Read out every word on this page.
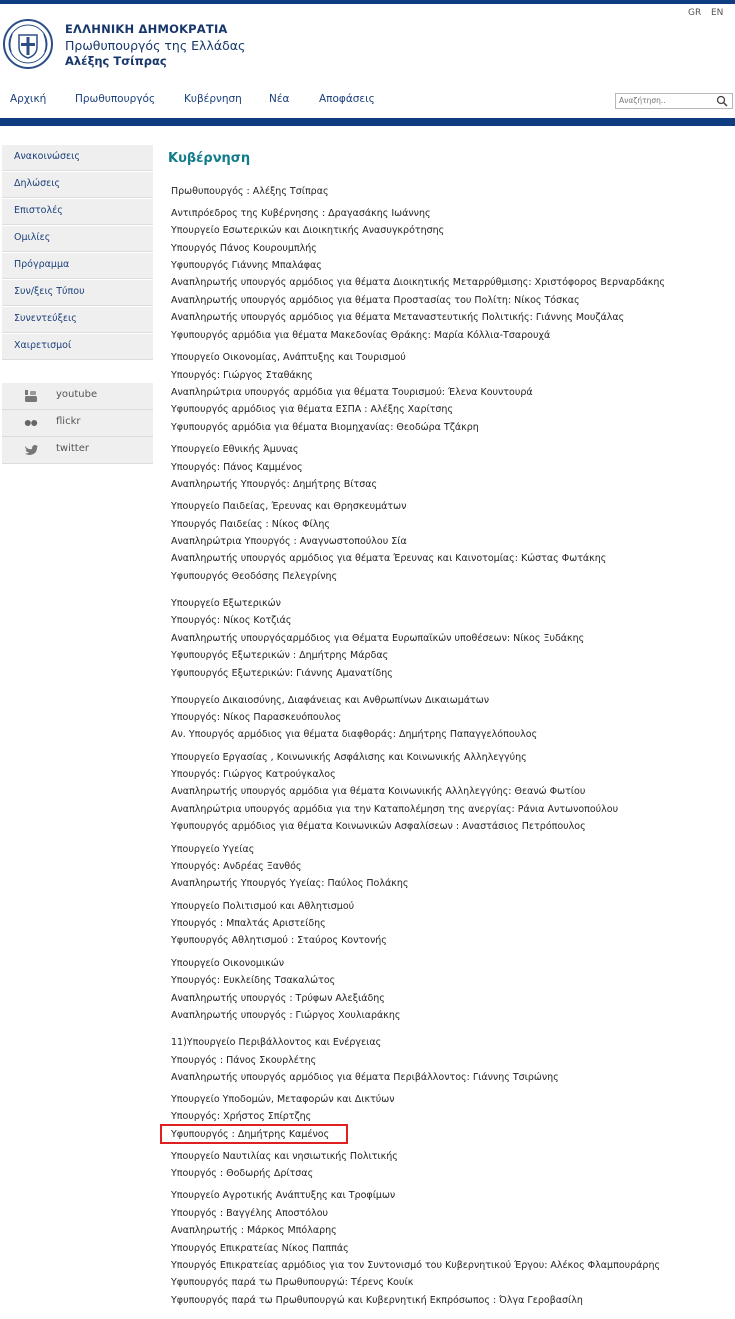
ΕΛΛΗΝΙΚΗ ΔΗΜΟΚΡΑΤΙΑ
Πρωθυπουργός της Ελλάδας
Αλέξης Τσίπρας
GR EN
Αρχική	Πρωθυπουργός	Κυβέρνηση	Νέα	Αποφάσεις
Αναζήτηση..
Ανακοινώσεις
Δηλώσεις
Επιστολές
Ομιλίες
Πρόγραμμα
Συν/ξεις Τύπου
Συνεντεύξεις
Χαιρετισμοί
youtube
flickr
twitter
Κυβέρνηση
Πρωθυπουργός : Αλέξης Τσίπρας
Αντιπρόεδρος της Κυβέρνησης : Δραγασάκης Ιωάννης
Υπουργείο Εσωτερικών και Διοικητικής Ανασυγκρότησης
Υπουργός Πάνος Κουρουμπλής
Υφυπουργός Γιάννης Μπαλάφας
Αναπληρωτής υπουργός αρμόδιος για θέματα Διοικητικής Μεταρρύθμισης: Χριστόφορος Βερναρδάκης
Αναπληρωτής υπουργός αρμόδιος για θέματα Προστασίας του Πολίτη: Νίκος Τόσκας
Αναπληρωτής υπουργός αρμόδιος για θέματα Μεταναστευτικής Πολιτικής: Γιάννης Μουζάλας
Υφυπουργός αρμόδια για θέματα Μακεδονίας Θράκης: Μαρία Κόλλια-Τσαρουχά
Υπουργείο Οικονομίας, Ανάπτυξης και Τουρισμού
Υπουργός: Γιώργος Σταθάκης
Αναπληρώτρια υπουργός αρμόδια για θέματα Τουρισμού: Έλενα Κουντουρά
Υφυπουργός αρμόδιος για θέματα ΕΣΠΑ : Αλέξης Χαρίτσης
Υφυπουργός αρμόδια για θέματα Βιομηχανίας: Θεοδώρα Τζάκρη
Υπουργείο Εθνικής Άμυνας
Υπουργός: Πάνος Καμμένος
Αναπληρωτής Υπουργός: Δημήτρης Βίτσας
Υπουργείο Παιδείας, Έρευνας και Θρησκευμάτων
Υπουργός Παιδείας : Νίκος Φίλης
Αναπληρώτρια Υπουργός : Αναγνωστοπούλου Σία
Αναπληρωτής υπουργός αρμόδιος για θέματα Έρευνας και Καινοτομίας: Κώστας Φωτάκης
Υφυπουργός Θεοδόσης Πελεγρίνης
Υπουργείο Εξωτερικών
Υπουργός: Νίκος Κοτζιάς
Αναπληρωτής υπουργόςαρμόδιος για Θέματα Ευρωπαϊκών υποθέσεων: Νίκος Ξυδάκης
Υφυπουργός Εξωτερικών : Δημήτρης Μάρδας
Υφυπουργός Εξωτερικών: Γιάννης Αμανατίδης
Υπουργείο Δικαιοσύνης, Διαφάνειας και Ανθρωπίνων Δικαιωμάτων
Υπουργός: Νίκος Παρασκευόπουλος
Αν. Υπουργός αρμόδιος για θέματα διαφθοράς: Δημήτρης Παπαγγελόπουλος
Υπουργείο Εργασίας , Κοινωνικής Ασφάλισης και Κοινωνικής Αλληλεγγύης
Υπουργός: Γιώργος Κατρούγκαλος
Αναπληρωτής υπουργός αρμόδια για θέματα Κοινωνικής Αλληλεγγύης: Θεανώ Φωτίου
Αναπληρώτρια υπουργός αρμόδια για την Καταπολέμηση της ανεργίας: Ράνια Αντωνοπούλου
Υφυπουργός αρμόδιος για θέματα Κοινωνικών Ασφαλίσεων : Αναστάσιος Πετρόπουλος
Υπουργείο Υγείας
Υπουργός: Ανδρέας Ξανθός
Αναπληρωτής Υπουργός Υγείας: Παύλος Πολάκης
Υπουργείο Πολιτισμού και Αθλητισμού
Υπουργός : Μπαλτάς Αριστείδης
Υφυπουργός Αθλητισμού : Σταύρος Κοντονής
Υπουργείο Οικονομικών
Υπουργός: Ευκλείδης Τσακαλώτος
Αναπληρωτής υπουργός : Τρύφων Αλεξιάδης
Αναπληρωτής υπουργός : Γιώργος Χουλιαράκης
11)Υπουργείο Περιβάλλοντος και Ενέργειας
Υπουργός : Πάνος Σκουρλέτης
Αναπληρωτής υπουργός αρμόδιος για θέματα Περιβάλλοντος: Γιάννης Τσιρώνης
Υπουργείο Υποδομών, Μεταφορών και Δικτύων
Υπουργός: Χρήστος Σπίρτζης
Υφυπουργός : Δημήτρης Καμένος
Υπουργείο Ναυτιλίας και νησιωτικής Πολιτικής
Υπουργός : Θοδωρής Δρίτσας
Υπουργείο Αγροτικής Ανάπτυξης και Τροφίμων
Υπουργός : Βαγγέλης Αποστόλου
Αναπληρωτής : Μάρκος Μπόλαρης
Υπουργός Επικρατείας Νίκος Παππάς
Υπουργός Επικρατείας αρμόδιος για τον Συντονισμό του Κυβερνητικού Έργου: Αλέκος Φλαμπουράρης
Υφυπουργός παρά τω Πρωθυπουργώ: Τέρενς Κουίκ
Υφυπουργός παρά τω Πρωθυπουργώ και Κυβερνητική Εκπρόσωπος : Όλγα Γεροβασίλη
